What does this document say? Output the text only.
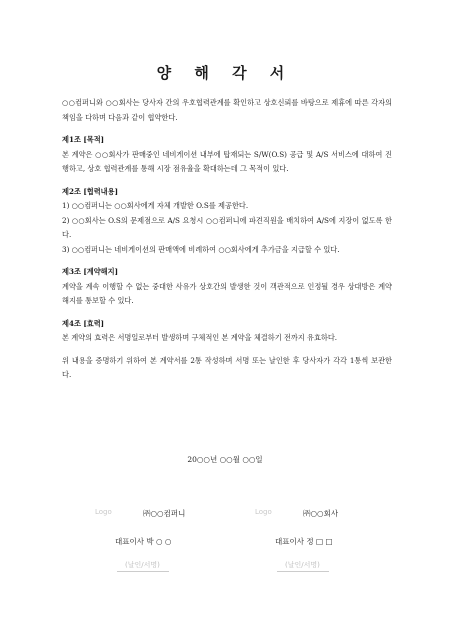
양 해 각 서

○○컴퍼니와 ○○회사는 당사자 간의 우호협력관계를 확인하고 상호신뢰를 바탕으로 제휴에 따른 각자의 책임을 다하며 다음과 같이 협약한다.

제1조 [목적]

본 계약은 ○○회사가 판매중인 네비게이션 내부에 탑재되는 S/W(O.S) 공급 및 A/S 서비스에 대하여 진행하고, 상호 협력관계를 통해 시장 점유율을 확대하는데 그 목적이 있다.

제2조 [협력내용]

1) ○○컴퍼니는 ○○회사에게 자체 개발한 O.S를 제공한다.

2) ○○회사는 O.S의 문제점으로 A/S 요청시 ○○컴퍼니에 파견직원을 배치하여 A/S에 지장이 없도록 한다.

3) ○○컴퍼니는 네비게이션의 판매액에 비례하여 ○○회사에게 추가금을 지급할 수 있다.

제3조 [계약해지]

계약을 계속 이행할 수 없는 중대한 사유가 상호간의 발생한 것이 객관적으로 인정될 경우 상대방은 계약 해지를 통보할 수 있다.

제4조 [효력]

본 계약의 효력은 서명일로부터 발생하며 구체적인 본 계약을 체결하기 전까지 유효하다.

위 내용을 증명하기 위하여 본 계약서를 2통 작성하며 서명 또는 날인한 후 당사자가 각각 1통씩 보관한다.

20○○년 ○○월 ○○일
Logo	㈜○○컴퍼니
대표이사 박 ○ ○
(날인/서명)
Logo	㈜○○회사
대표이사 정 □ □
(날인/서명)
